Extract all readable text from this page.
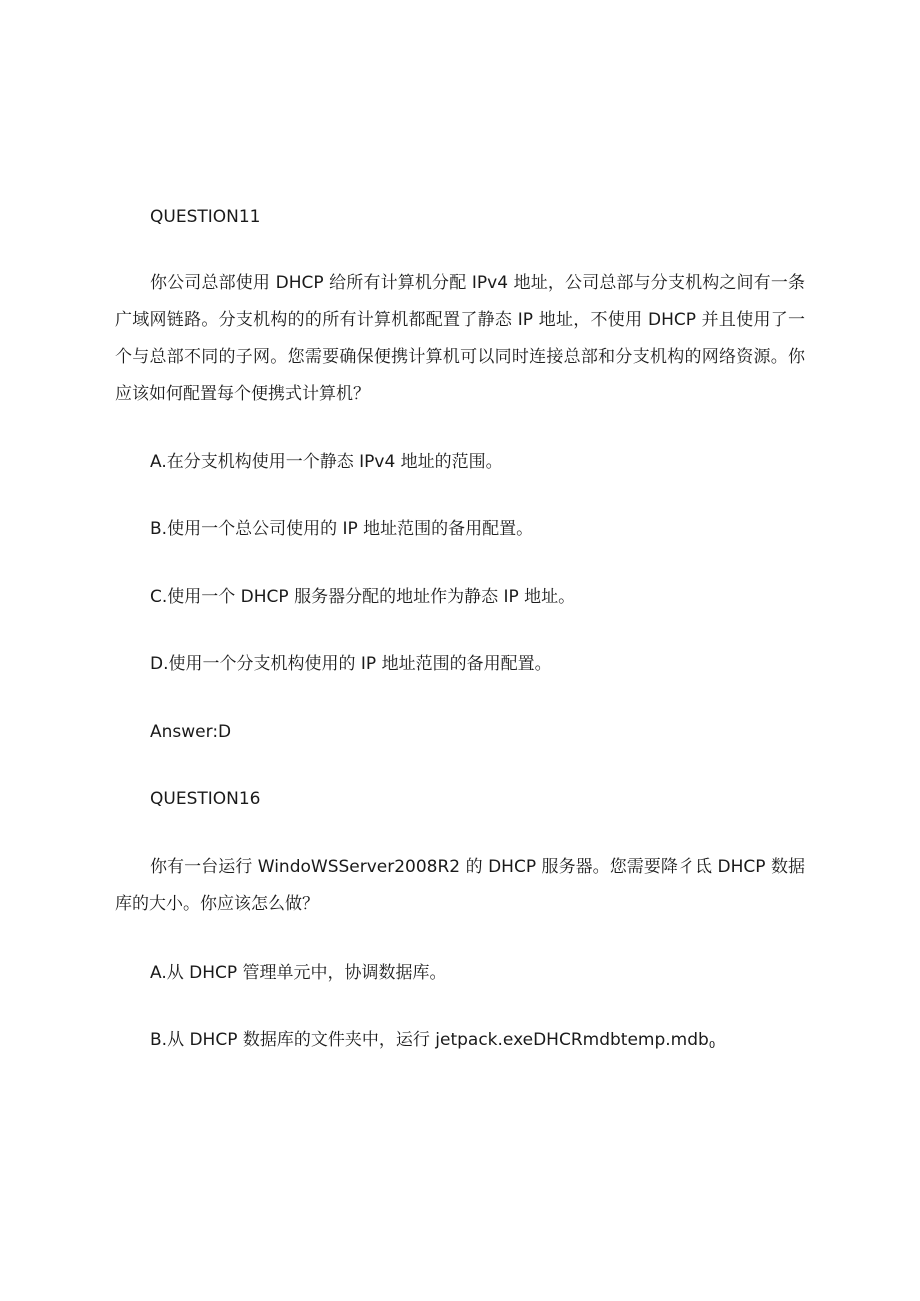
QUESTION11
你公司总部使用 DHCP 给所有计算机分配 IPv4 地址，公司总部与分支机构之间有一条广域网链路。分支机构的的所有计算机都配置了静态 IP 地址，不使用 DHCP 并且使用了一个与总部不同的子网。您需要确保便携计算机可以同时连接总部和分支机构的网络资源。你应该如何配置每个便携式计算机？
A.在分支机构使用一个静态 IPv4 地址的范围。
B.使用一个总公司使用的 IP 地址范围的备用配置。
C.使用一个 DHCP 服务器分配的地址作为静态 IP 地址。
D.使用一个分支机构使用的 IP 地址范围的备用配置。
Answer:D
QUESTION16
你有一台运行 WindoWSServer2008R2 的 DHCP 服务器。您需要降彳氐 DHCP 数据库的大小。你应该怎么做？
A.从 DHCP 管理单元中，协调数据库。
B.从 DHCP 数据库的文件夹中，运行 jetpack.exeDHCRmdbtemp.mdb$_0$
